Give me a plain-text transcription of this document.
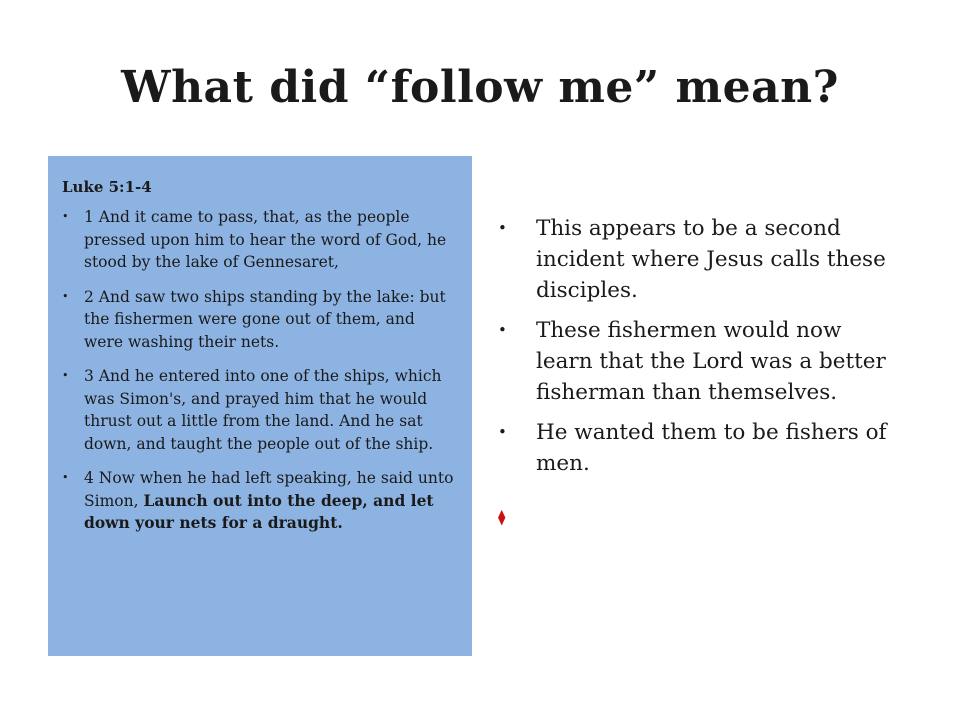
What did “follow me” mean?

Luke 5:1-4

• 1 And it came to pass, that, as the people pressed upon him to hear the word of God, he stood by the lake of Gennesaret,
• 2 And saw two ships standing by the lake: but the fishermen were gone out of them, and were washing their nets.
• 3 And he entered into one of the ships, which was Simon's, and prayed him that he would thrust out a little from the land. And he sat down, and taught the people out of the ship.
• 4 Now when he had left speaking, he said unto Simon, Launch out into the deep, and let down your nets for a draught.
• This appears to be a second incident where Jesus calls these disciples.
• These fishermen would now learn that the Lord was a better fisherman than themselves.
• He wanted them to be fishers of men.
⧫
